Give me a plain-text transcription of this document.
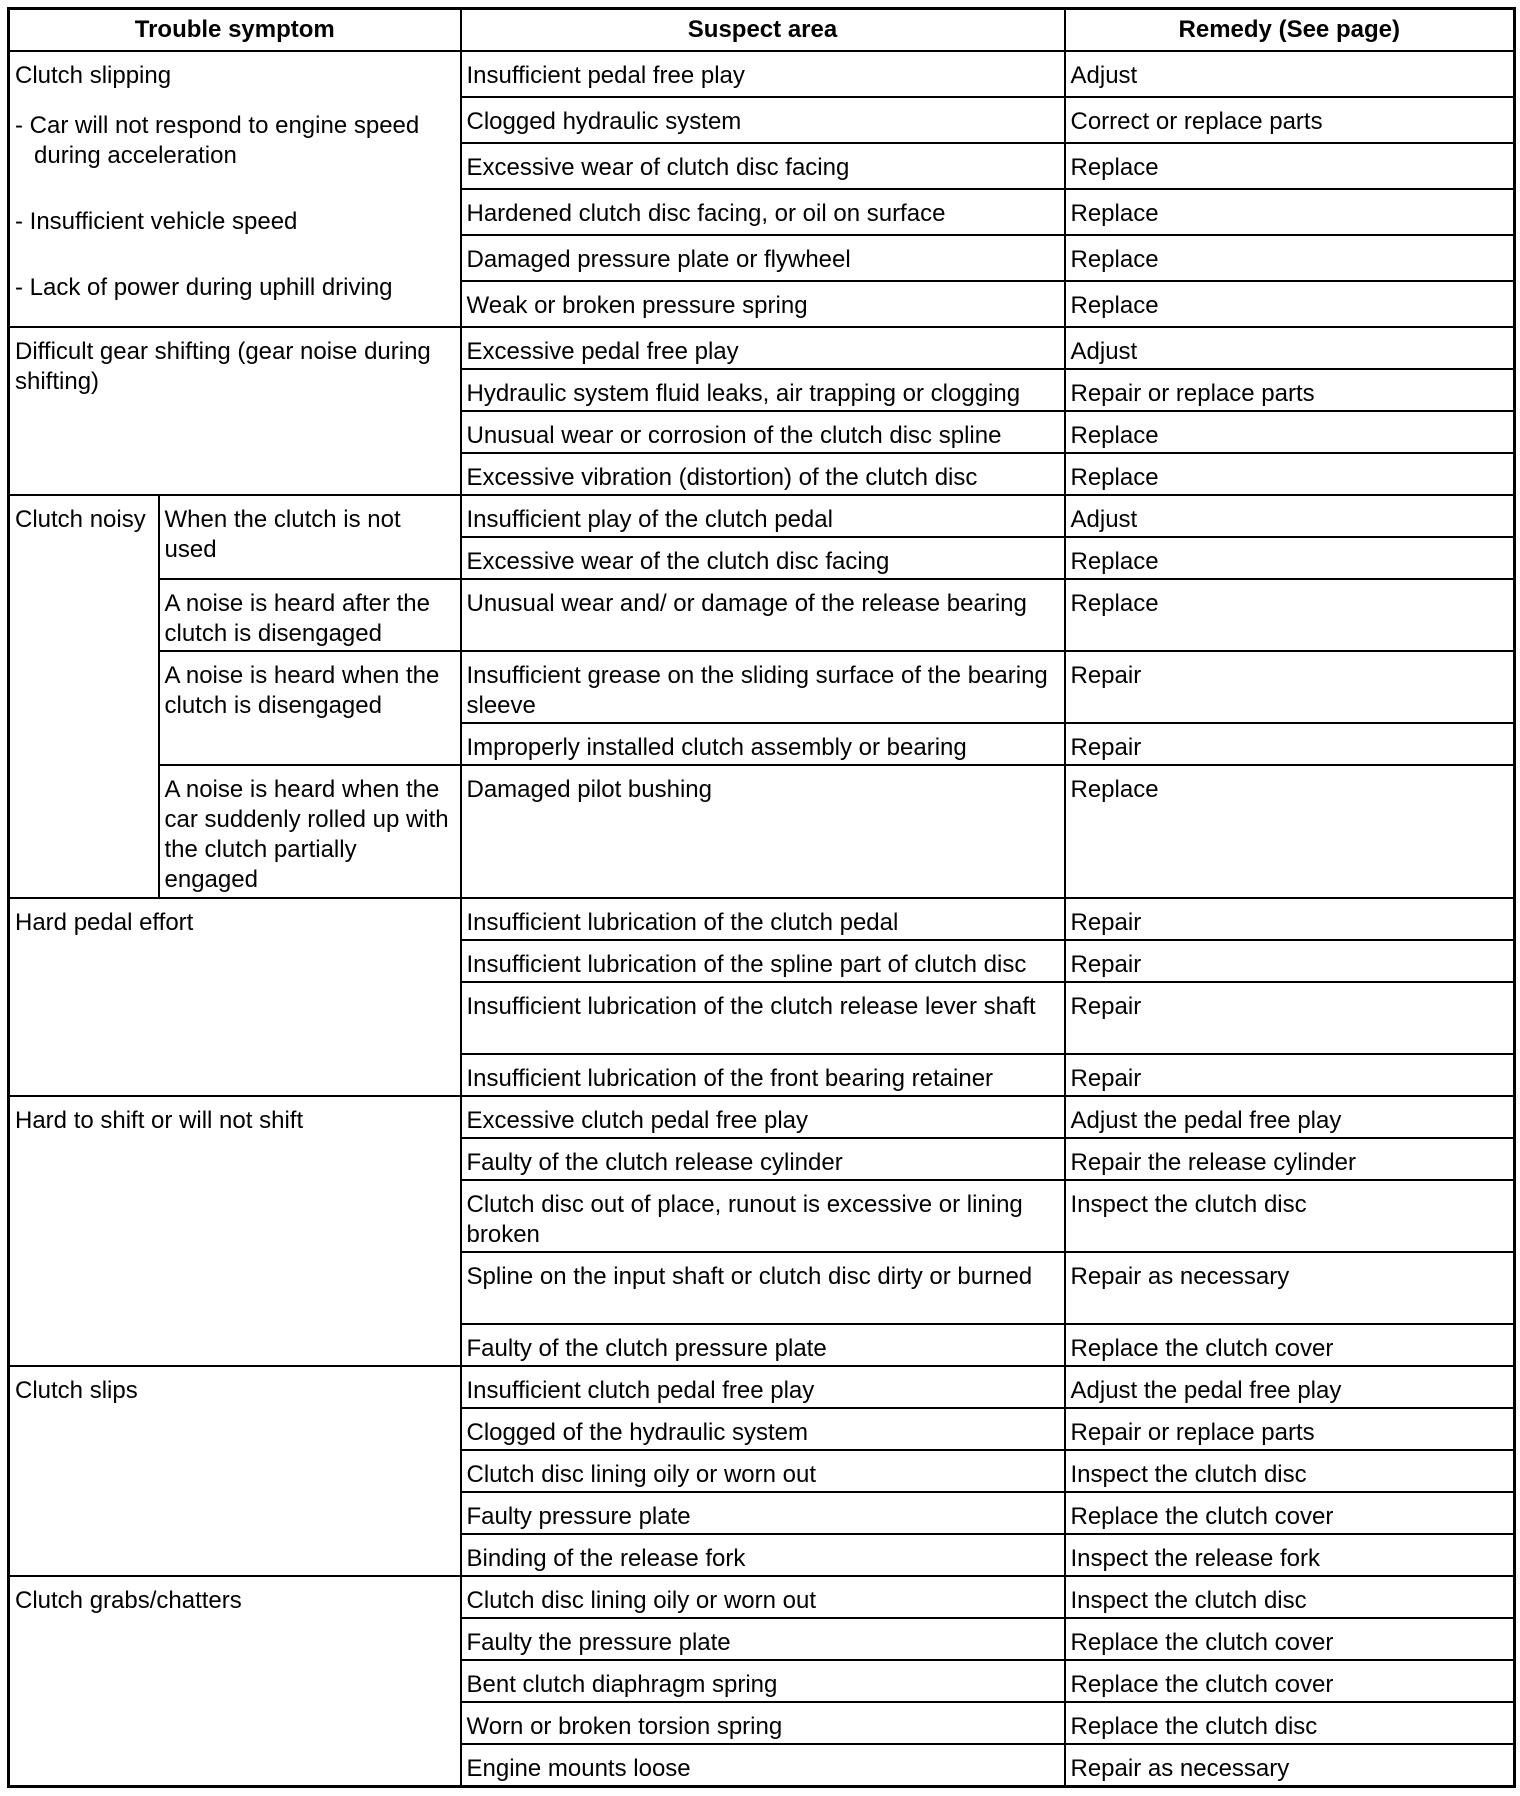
Trouble symptom		Suspect area	Remedy (See page)

Clutch slipping
- Car will not respond to engine speed during acceleration
- Insufficient vehicle speed
- Lack of power during uphill driving		Insufficient pedal free play	Adjust
		Clogged hydraulic system	Correct or replace parts
		Excessive wear of clutch disc facing	Replace
		Hardened clutch disc facing, or oil on surface	Replace
		Damaged pressure plate or flywheel	Replace
		Weak or broken pressure spring	Replace
Difficult gear shifting (gear noise during shifting)		Excessive pedal free play	Adjust
		Hydraulic system fluid leaks, air trapping or clogging	Repair or replace parts
		Unusual wear or corrosion of the clutch disc spline	Replace
		Excessive vibration (distortion) of the clutch disc	Replace
Clutch noisy	When the clutch is not used	Insufficient play of the clutch pedal	Adjust
		Excessive wear of the clutch disc facing	Replace
	A noise is heard after the clutch is disengaged	Unusual wear and/ or damage of the release bearing	Replace
	A noise is heard when the clutch is disengaged	Insufficient grease on the sliding surface of the bearing sleeve	Repair
		Improperly installed clutch assembly or bearing	Repair
	A noise is heard when the car suddenly rolled up with the clutch partially engaged	Damaged pilot bushing	Replace
Hard pedal effort		Insufficient lubrication of the clutch pedal	Repair
		Insufficient lubrication of the spline part of clutch disc	Repair
		Insufficient lubrication of the clutch release lever shaft	Repair
		Insufficient lubrication of the front bearing retainer	Repair
Hard to shift or will not shift		Excessive clutch pedal free play	Adjust the pedal free play
		Faulty of the clutch release cylinder	Repair the release cylinder
		Clutch disc out of place, runout is excessive or lining broken	Inspect the clutch disc
		Spline on the input shaft or clutch disc dirty or burned	Repair as necessary
		Faulty of the clutch pressure plate	Replace the clutch cover
Clutch slips		Insufficient clutch pedal free play	Adjust the pedal free play
		Clogged of the hydraulic system	Repair or replace parts
		Clutch disc lining oily or worn out	Inspect the clutch disc
		Faulty pressure plate	Replace the clutch cover
		Binding of the release fork	Inspect the release fork
Clutch grabs/chatters		Clutch disc lining oily or worn out	Inspect the clutch disc
		Faulty the pressure plate	Replace the clutch cover
		Bent clutch diaphragm spring	Replace the clutch cover
		Worn or broken torsion spring	Replace the clutch disc
		Engine mounts loose	Repair as necessary
